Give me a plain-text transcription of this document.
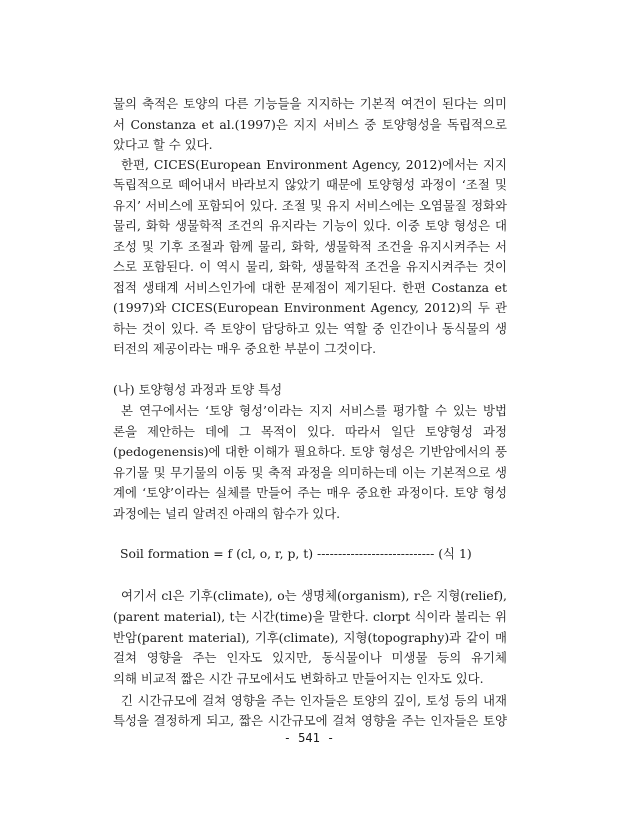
물의 축적은 토양의 다른 기능들을 지지하는 기본적 여건이 된다는 의미
서 Constanza et al.(1997)은 지지 서비스 중 토양형성을 독립적으로
았다고 할 수 있다.
한편, CICES(European Environment Agency, 2012)에서는 지지
독립적으로 떼어내서 바라보지 않았기 때문에 토양형성 과정이 ‘조절 및
유지’ 서비스에 포함되어 있다. 조절 및 유지 서비스에는 오염물질 정화와
물리, 화학 생물학적 조건의 유지라는 기능이 있다. 이중 토양 형성은 대
조성 및 기후 조절과 함께 물리, 화학, 생물학적 조건을 유지시켜주는 서
스로 포함된다. 이 역시 물리, 화학, 생물학적 조건을 유지시켜주는 것이
접적 생태계 서비스인가에 대한 문제점이 제기된다. 한편 Costanza et
(1997)와 CICES(European Environment Agency, 2012)의 두 관
하는 것이 있다. 즉 토양이 담당하고 있는 역할 중 인간이나 동식물의 생
터전의 제공이라는 매우 중요한 부분이 그것이다.
(나) 토양형성 과정과 토양 특성
본 연구에서는 ‘토양 형성’이라는 지지 서비스를 평가할 수 있는 방법
론을 제안하는 데에 그 목적이 있다. 따라서 일단 토양형성 과정
(pedogenensis)에 대한 이해가 필요하다. 토양 형성은 기반암에서의 풍
유기물 및 무기물의 이동 및 축적 과정을 의미하는데 이는 기본적으로 생
계에 ‘토양’이라는 실체를 만들어 주는 매우 중요한 과정이다. 토양 형성
과정에는 널리 알려진 아래의 함수가 있다.
Soil formation = f (cl, o, r, p, t) ---------------------------- (식 1)
여기서 cl은 기후(climate), o는 생명체(organism), r은 지형(relief),
(parent material), t는 시간(time)을 말한다. clorpt 식이라 불리는 위
반암(parent material), 기후(climate), 지형(topography)과 같이 매
걸쳐 영향을 주는 인자도 있지만, 동식물이나 미생물 등의 유기체
의해 비교적 짧은 시간 규모에서도 변화하고 만들어지는 인자도 있다.
긴 시간규모에 걸쳐 영향을 주는 인자들은 토양의 깊이, 토성 등의 내재
특성을 결정하게 되고, 짧은 시간규모에 걸쳐 영향을 주는 인자들은 토양
- 541 -
